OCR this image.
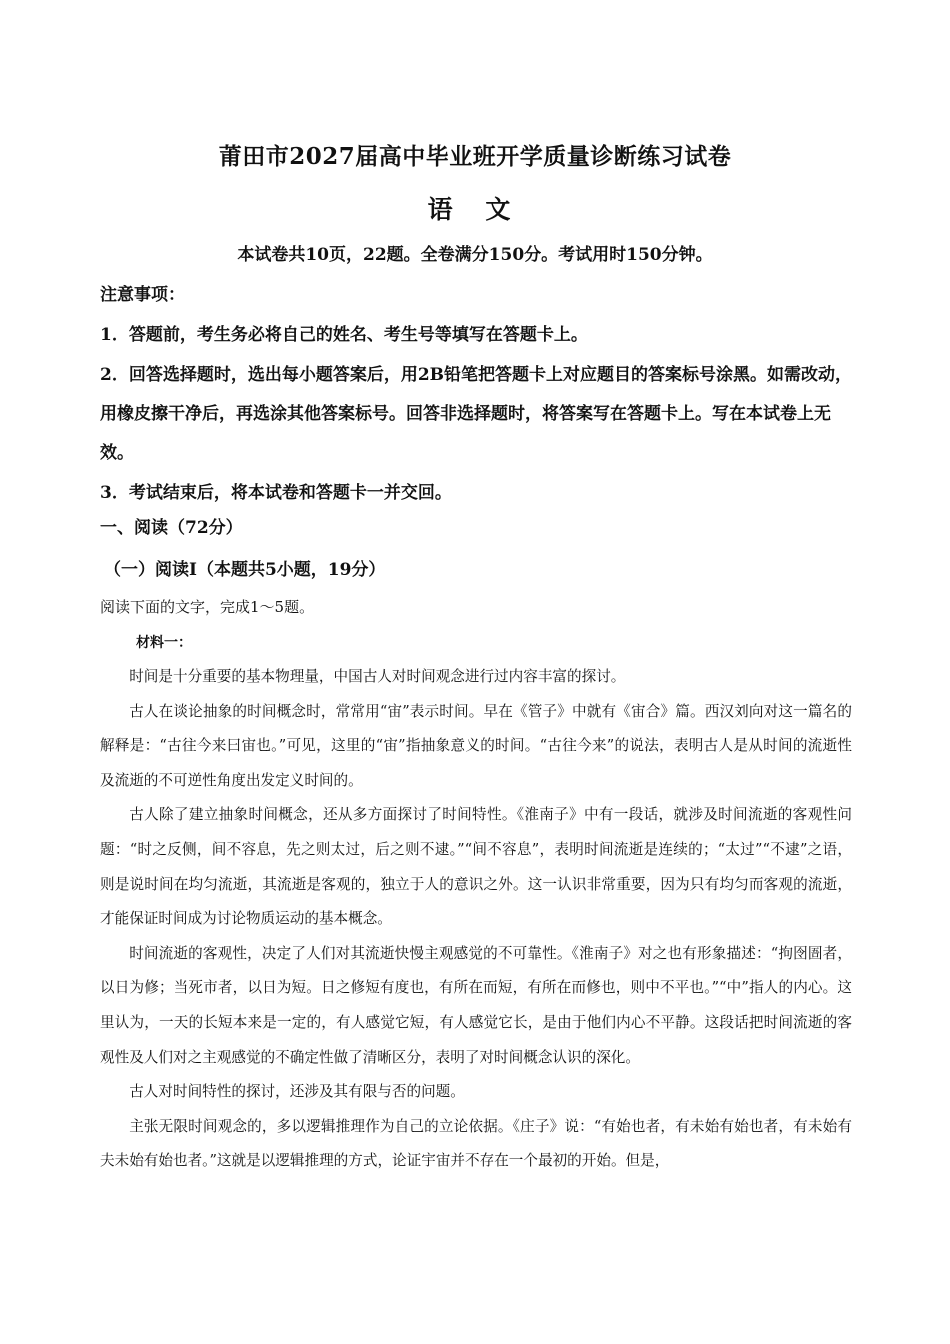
莆田市2027届高中毕业班开学质量诊断练习试卷
语 文
本试卷共10页，22题。全卷满分150分。考试用时150分钟。
注意事项：

1．答题前，考生务必将自己的姓名、考生号等填写在答题卡上。

2．回答选择题时，选出每小题答案后，用2B铅笔把答题卡上对应题目的答案标号涂黑。如需改动，用橡皮擦干净后，再选涂其他答案标号。回答非选择题时，将答案写在答题卡上。写在本试卷上无效。

3．考试结束后，将本试卷和答题卡一并交回。

一、阅读（72分）
（一）阅读Ⅰ（本题共5小题，19分）
阅读下面的文字，完成1～5题。
材料一：

时间是十分重要的基本物理量，中国古人对时间观念进行过内容丰富的探讨。

古人在谈论抽象的时间概念时，常常用“宙”表示时间。早在《管子》中就有《宙合》篇。西汉刘向对这一篇名的解释是：“古往今来曰宙也。”可见，这里的“宙”指抽象意义的时间。“古往今来”的说法，表明古人是从时间的流逝性及流逝的不可逆性角度出发定义时间的。

古人除了建立抽象时间概念，还从多方面探讨了时间特性。《淮南子》中有一段话，就涉及时间流逝的客观性问题：“时之反侧，间不容息，先之则太过，后之则不逮。”“间不容息”，表明时间流逝是连续的；“太过”“不逮”之语，则是说时间在均匀流逝，其流逝是客观的，独立于人的意识之外。这一认识非常重要，因为只有均匀而客观的流逝，才能保证时间成为讨论物质运动的基本概念。

时间流逝的客观性，决定了人们对其流逝快慢主观感觉的不可靠性。《淮南子》对之也有形象描述：“拘囹圄者，以日为修；当死市者，以日为短。日之修短有度也，有所在而短，有所在而修也，则中不平也。”“中”指人的内心。这里认为，一天的长短本来是一定的，有人感觉它短，有人感觉它长，是由于他们内心不平静。这段话把时间流逝的客观性及人们对之主观感觉的不确定性做了清晰区分，表明了对时间概念认识的深化。

古人对时间特性的探讨，还涉及其有限与否的问题。

主张无限时间观念的，多以逻辑推理作为自己的立论依据。《庄子》说：“有始也者，有未始有始也者，有未始有夫未始有始也者。”这就是以逻辑推理的方式，论证宇宙并不存在一个最初的开始。但是，
